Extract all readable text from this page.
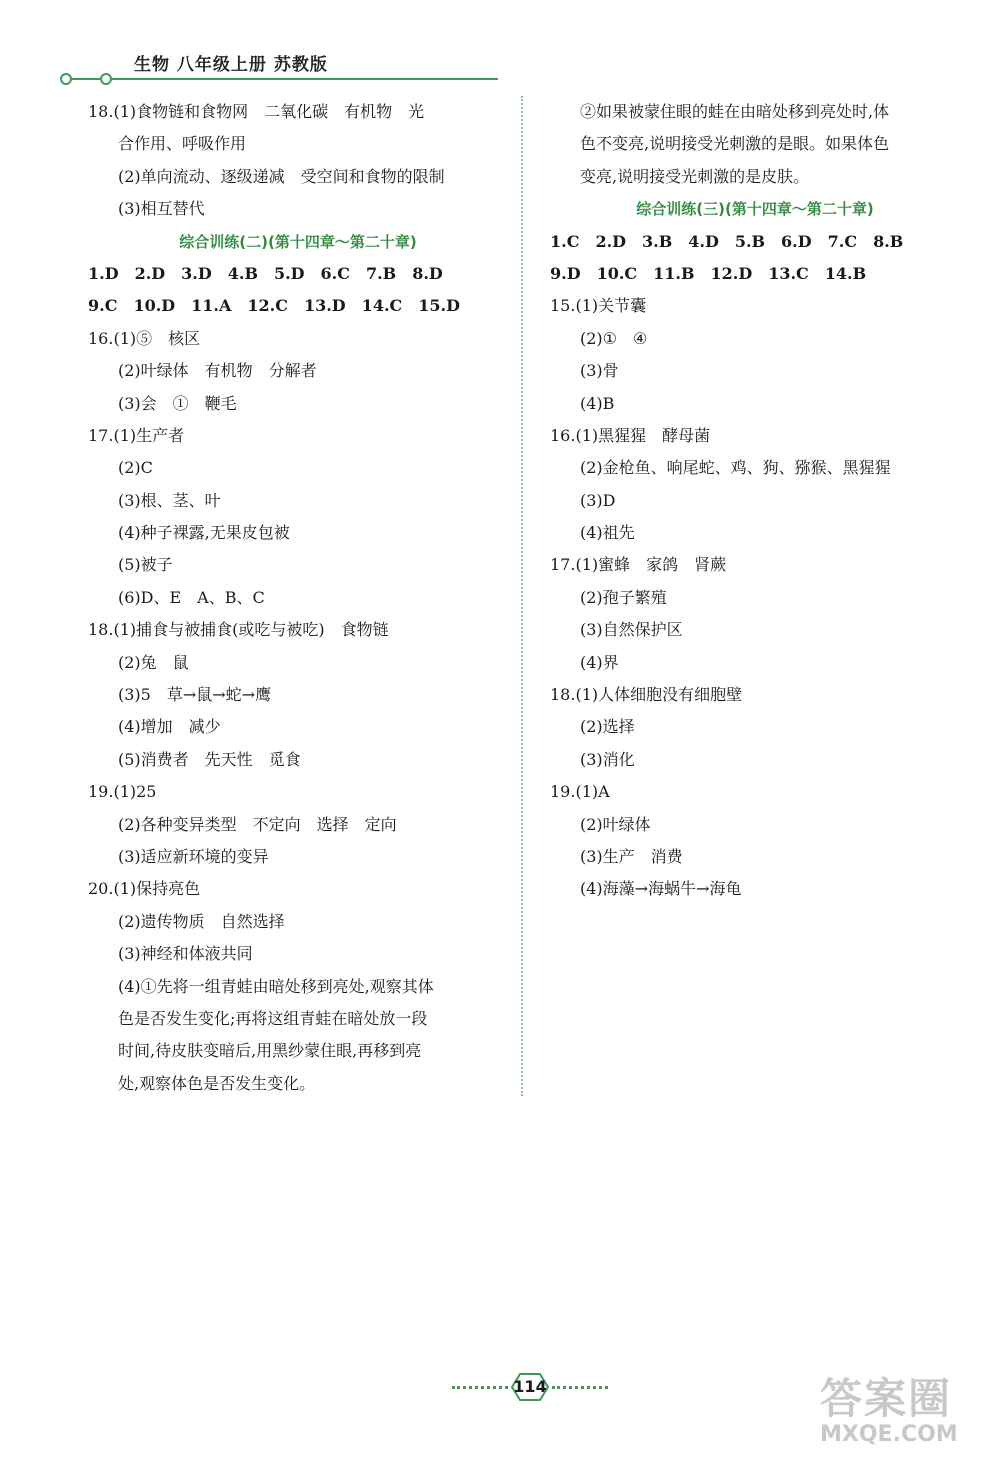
生物 八年级上册 苏教版
18.(1)食物链和食物网　二氧化碳　有机物　光
合作用、呼吸作用
(2)单向流动、逐级递减　受空间和食物的限制
(3)相互替代
综合训练(二)(第十四章～第二十章)
1.D　2.D　3.D　4.B　5.D　6.C　7.B　8.D
9.C　10.D　11.A　12.C　13.D　14.C　15.D
16.(1)⑤　核区
(2)叶绿体　有机物　分解者
(3)会　①　鞭毛
17.(1)生产者
(2)C
(3)根、茎、叶
(4)种子裸露,无果皮包被
(5)被子
(6)D、E　A、B、C
18.(1)捕食与被捕食(或吃与被吃)　食物链
(2)兔　鼠
(3)5　草→鼠→蛇→鹰
(4)增加　减少
(5)消费者　先天性　觅食
19.(1)25
(2)各种变异类型　不定向　选择　定向
(3)适应新环境的变异
20.(1)保持亮色
(2)遗传物质　自然选择
(3)神经和体液共同
(4)①先将一组青蛙由暗处移到亮处,观察其体
色是否发生变化;再将这组青蛙在暗处放一段
时间,待皮肤变暗后,用黑纱蒙住眼,再移到亮
处,观察体色是否发生变化。
②如果被蒙住眼的蛙在由暗处移到亮处时,体
色不变亮,说明接受光刺激的是眼。如果体色
变亮,说明接受光刺激的是皮肤。
综合训练(三)(第十四章～第二十章)
1.C　2.D　3.B　4.D　5.B　6.D　7.C　8.B
9.D　10.C　11.B　12.D　13.C　14.B
15.(1)关节囊
(2)①　④
(3)骨
(4)B
16.(1)黑猩猩　酵母菌
(2)金枪鱼、响尾蛇、鸡、狗、猕猴、黑猩猩
(3)D
(4)祖先
17.(1)蜜蜂　家鸽　肾蕨
(2)孢子繁殖
(3)自然保护区
(4)界
18.(1)人体细胞没有细胞壁
(2)选择
(3)消化
19.(1)A
(2)叶绿体
(3)生产　消费
(4)海藻→海蜗牛→海龟
114	答案圈
MXQE.COM
